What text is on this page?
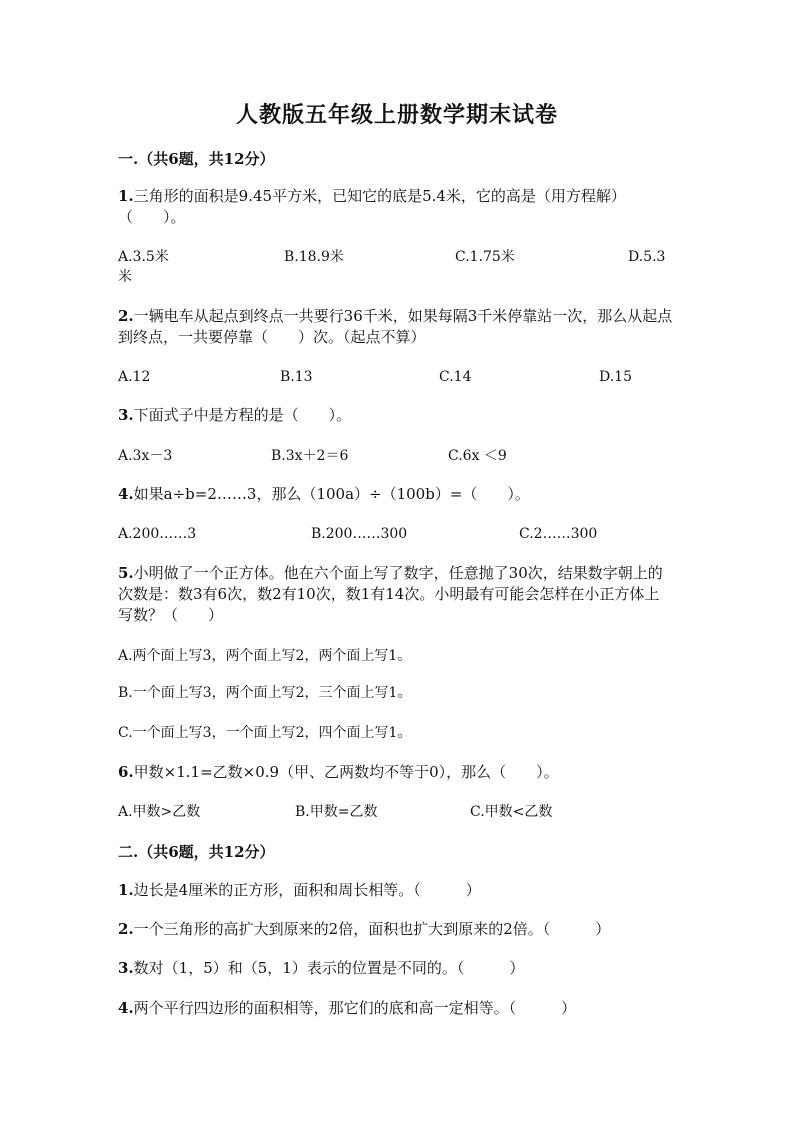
人教版五年级上册数学期末试卷
一.（共6题，共12分）
1.三角形的面积是9.45平方米，已知它的底是5.4米，它的高是（用方程解）（　　）。
A.3.5米	B.18.9米	C.1.75米	D.5.3
米
2.一辆电车从起点到终点一共要行36千米，如果每隔3千米停靠站一次，那么从起点到终点，一共要停靠（　　）次。（起点不算）
A.12	B.13	C.14	D.15
3.下面式子中是方程的是（　　）。
A.3x－3	B.3x＋2＝6	C.6x ＜9
4.如果a÷b=2……3，那么（100a）÷（100b）=（　　）。
A.200……3	B.200……300	C.2……300
5.小明做了一个正方体。他在六个面上写了数字，任意抛了30次，结果数字朝上的次数是：数3有6次，数2有10次，数1有14次。小明最有可能会怎样在小正方体上写数？（　　）
A.两个面上写3，两个面上写2，两个面上写1。
B.一个面上写3，两个面上写2，三个面上写1。
C.一个面上写3，一个面上写2，四个面上写1。
6.甲数×1.1=乙数×0.9（甲、乙两数均不等于0），那么（　　）。
A.甲数>乙数	B.甲数=乙数	C.甲数<乙数
二.（共6题，共12分）
1.边长是4厘米的正方形，面积和周长相等。（　　　）
2.一个三角形的高扩大到原来的2倍，面积也扩大到原来的2倍。（　　　）
3.数对（1，5）和（5，1）表示的位置是不同的。（　　　）
4.两个平行四边形的面积相等，那它们的底和高一定相等。（　　　）
